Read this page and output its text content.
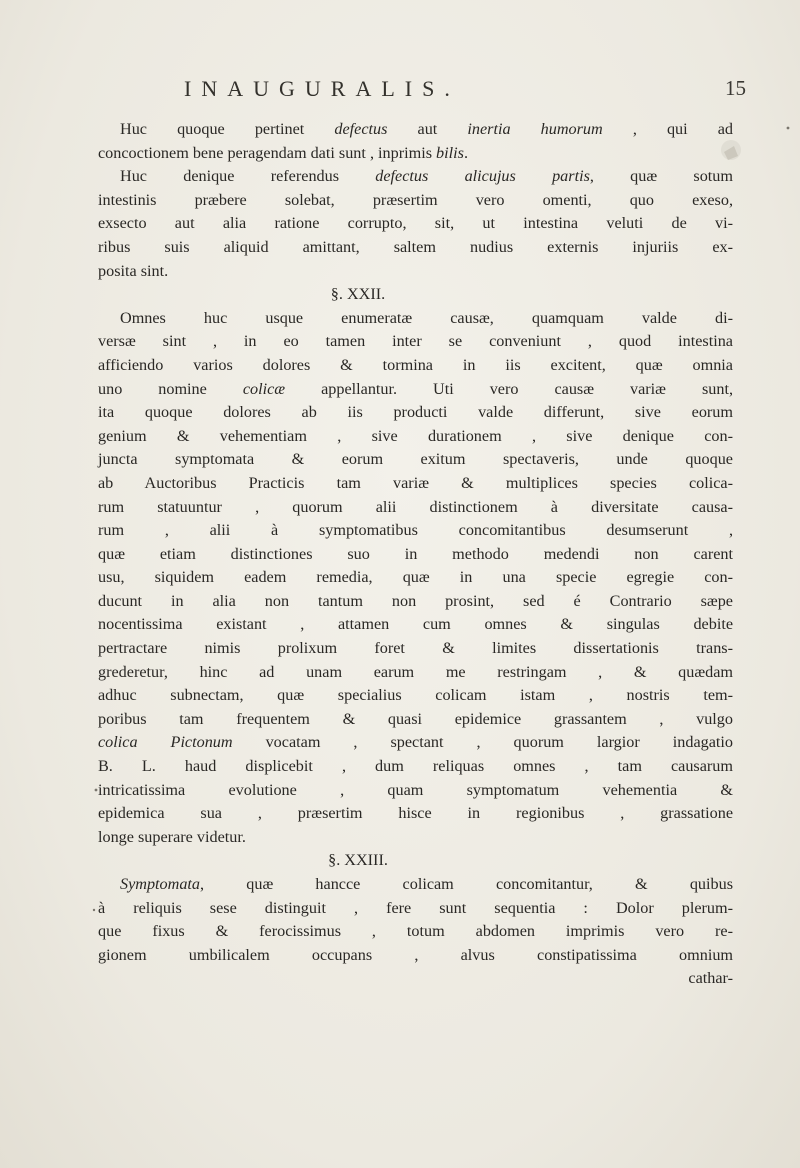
INAUGURALIS.	15
Huc quoque pertinet defectus aut inertia humorum , qui ad
concoctionem bene peragendam dati sunt , inprimis bilis.
Huc denique referendus defectus alicujus partis, quæ sotum
intestinis præbere solebat, præsertim vero omenti, quo exeso,
exsecto aut alia ratione corrupto, sit, ut intestina veluti de vi-
ribus suis aliquid amittant, saltem nudius externis injuriis ex-
posita sint.
§. XXII.
Omnes huc usque enumeratæ causæ, quamquam valde di-
versæ sint , in eo tamen inter se conveniunt , quod intestina
afficiendo varios dolores & tormina in iis excitent, quæ omnia
uno nomine colicæ appellantur. Uti vero causæ variæ sunt,
ita quoque dolores ab iis producti valde differunt, sive eorum
genium & vehementiam , sive durationem , sive denique con-
juncta symptomata & eorum exitum spectaveris, unde quoque
ab Auctoribus Practicis tam variæ & multiplices species colica-
rum statuuntur , quorum alii distinctionem à diversitate causa-
rum , alii à symptomatibus concomitantibus desumserunt ,
quæ etiam distinctiones suo in methodo medendi non carent
usu, siquidem eadem remedia, quæ in una specie egregie con-
ducunt in alia non tantum non prosint, sed é Contrario sæpe
nocentissima existant , attamen cum omnes & singulas debite
pertractare nimis prolixum foret & limites dissertationis trans-
grederetur, hinc ad unam earum me restringam , & quædam
adhuc subnectam, quæ specialius colicam istam , nostris tem-
poribus tam frequentem & quasi epidemice grassantem , vulgo
colica Pictonum vocatam , spectant , quorum largior indagatio
B. L. haud displicebit , dum reliquas omnes , tam causarum
intricatissima evolutione , quam symptomatum vehementia &
epidemica sua , præsertim hisce in regionibus , grassatione
longe superare videtur.
§. XXIII.
Symptomata, quæ hancce colicam concomitantur, & quibus
à reliquis sese distinguit , fere sunt sequentia : Dolor plerum-
que fixus & ferocissimus , totum abdomen imprimis vero re-
gionem umbilicalem occupans , alvus constipatissima omnium
cathar-
